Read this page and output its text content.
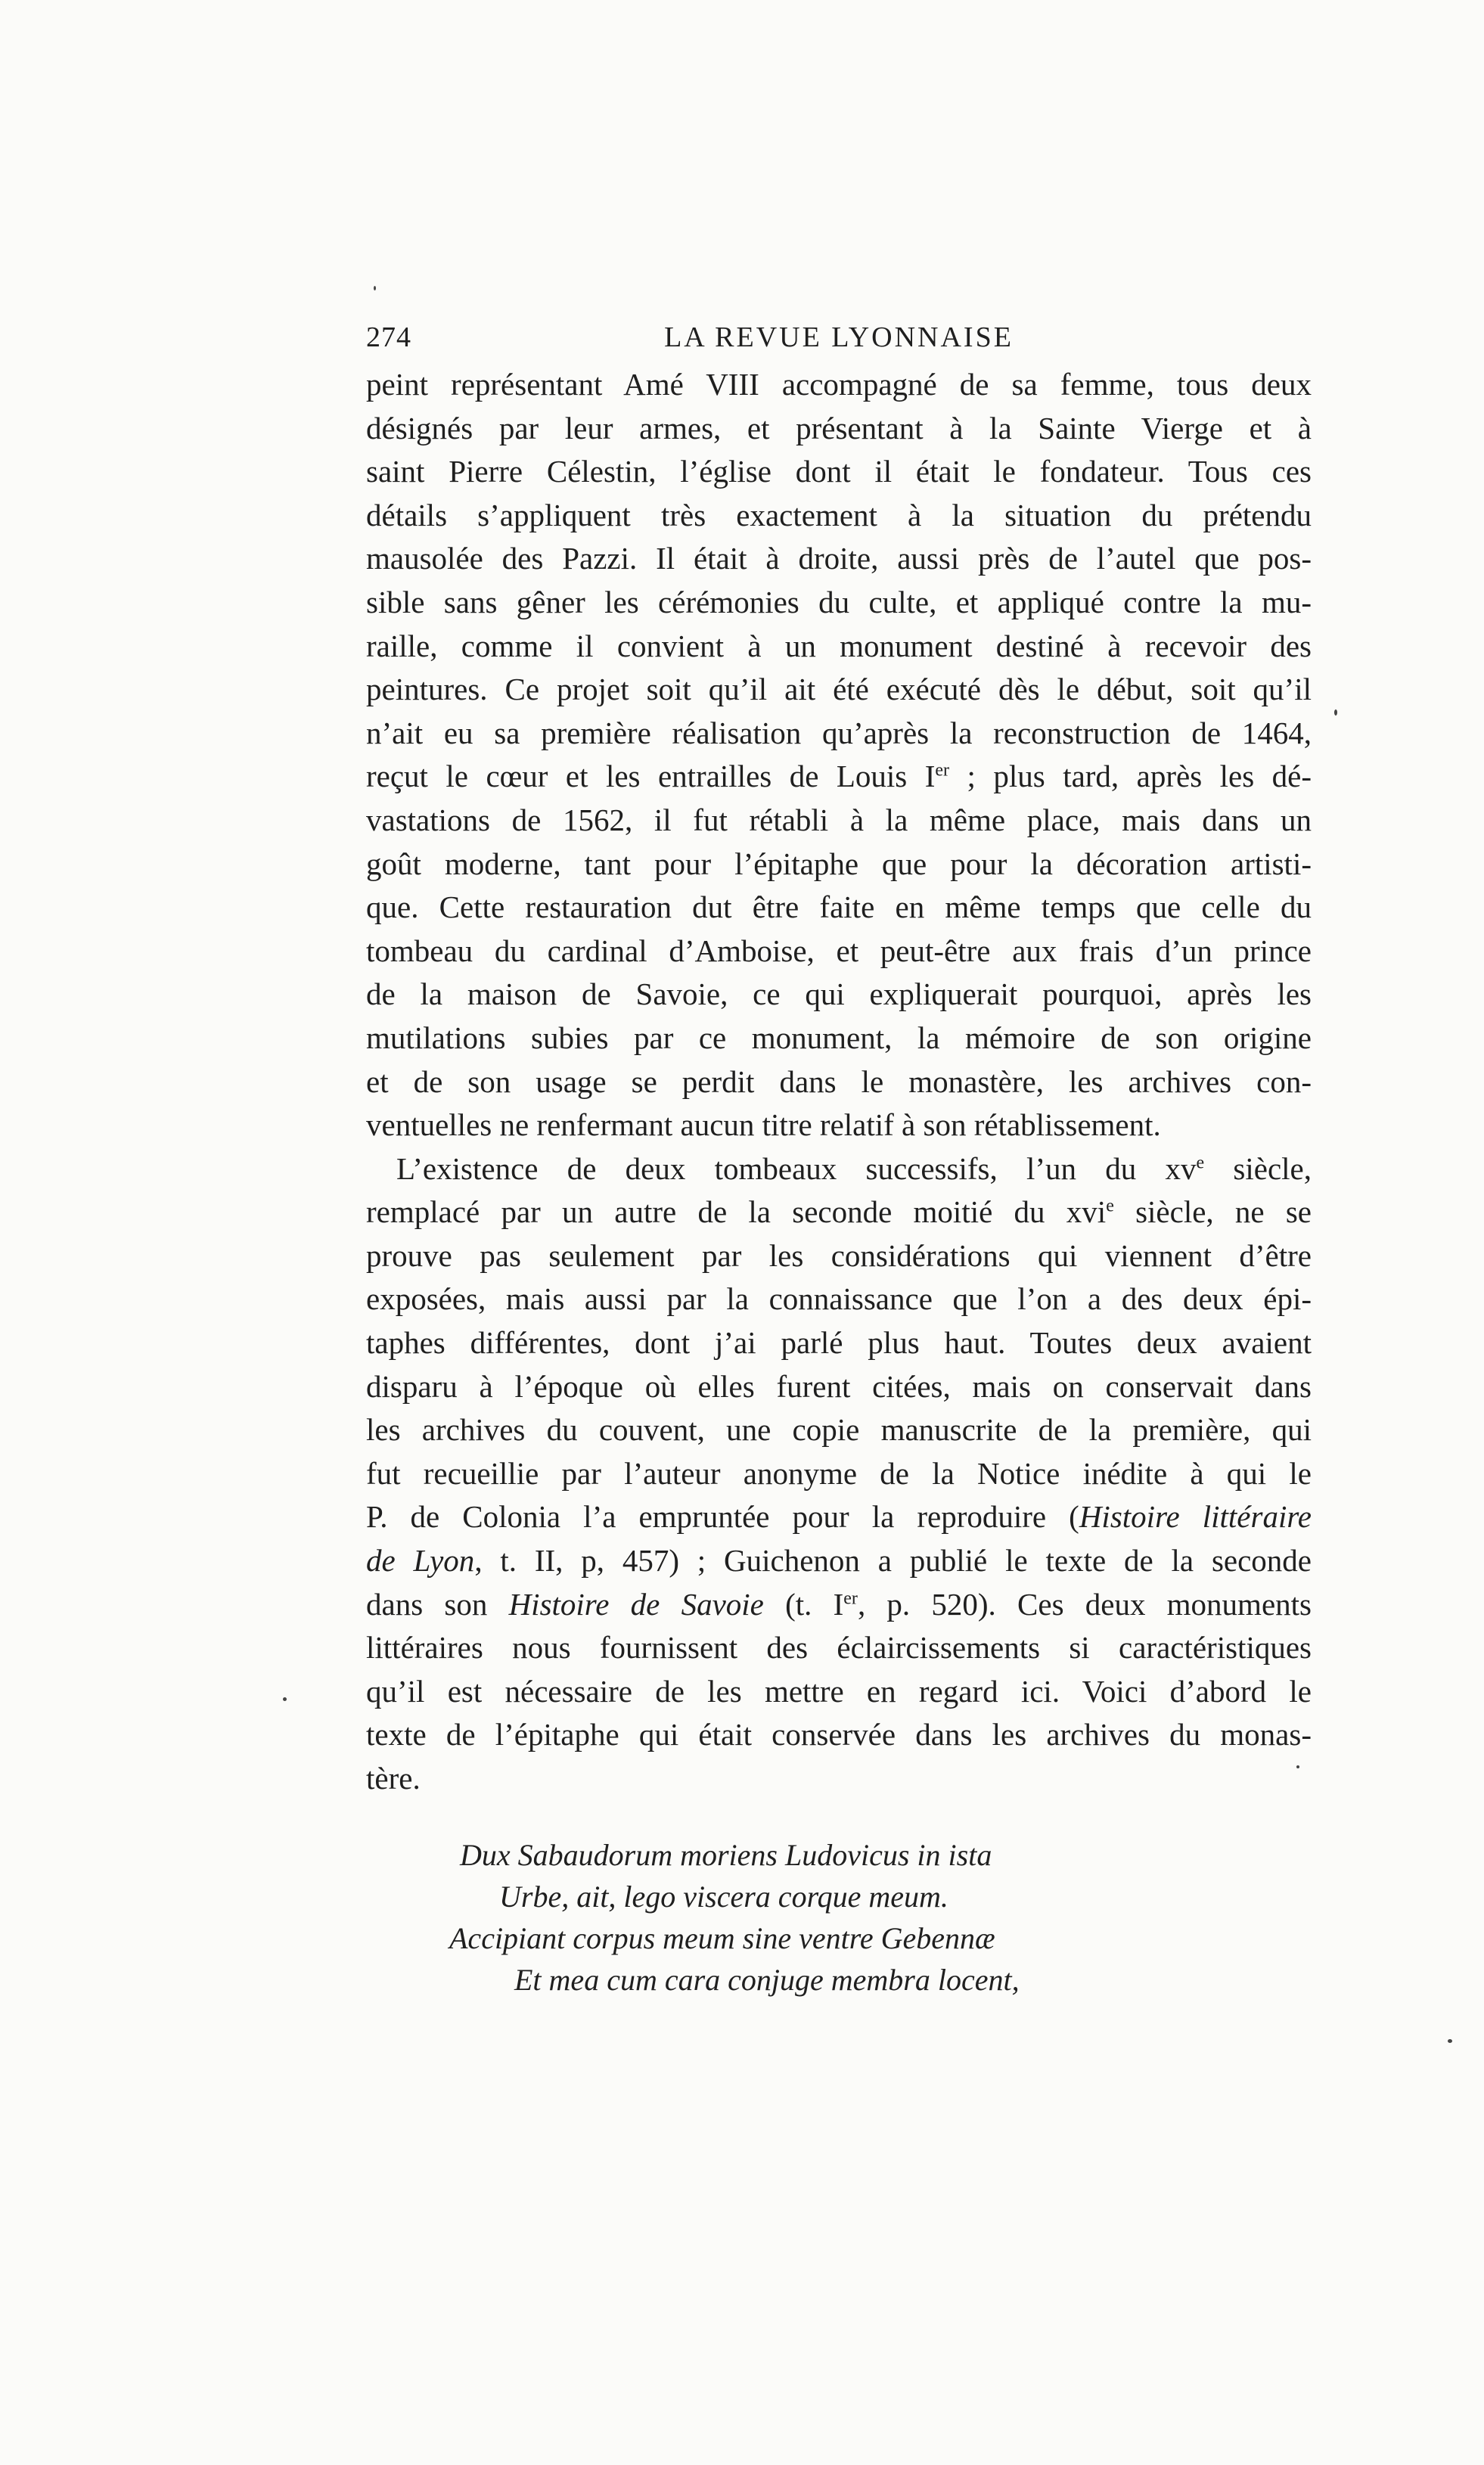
274	LA REVUE LYONNAISE
peint représentant Amé VIII accompagné de sa femme, tous deux
désignés par leur armes, et présentant à la Sainte Vierge et à
saint Pierre Célestin, l’église dont il était le fondateur. Tous ces
détails s’appliquent très exactement à la situation du prétendu
mausolée des Pazzi. Il était à droite, aussi près de l’autel que pos-
sible sans gêner les cérémonies du culte, et appliqué contre la mu-
raille, comme il convient à un monument destiné à recevoir des
peintures. Ce projet soit qu’il ait été exécuté dès le début, soit qu’il
n’ait eu sa première réalisation qu’après la reconstruction de 1464,
reçut le cœur et les entrailles de Louis Ier ; plus tard, après les dé-
vastations de 1562, il fut rétabli à la même place, mais dans un
goût moderne, tant pour l’épitaphe que pour la décoration artisti-
que. Cette restauration dut être faite en même temps que celle du
tombeau du cardinal d’Amboise, et peut-être aux frais d’un prince
de la maison de Savoie, ce qui expliquerait pourquoi, après les
mutilations subies par ce monument, la mémoire de son origine
et de son usage se perdit dans le monastère, les archives con-
ventuelles ne renfermant aucun titre relatif à son rétablissement.
L’existence de deux tombeaux successifs, l’un du $xv^e$ siècle,
remplacé par un autre de la seconde moitié du xvi$^e$ siècle, ne se
prouve pas seulement par les considérations qui viennent d’être
exposées, mais aussi par la connaissance que l’on a des deux épi-
taphes différentes, dont j’ai parlé plus haut. Toutes deux avaient
disparu à l’époque où elles furent citées, mais on conservait dans
les archives du couvent, une copie manuscrite de la première, qui
fut recueillie par l’auteur anonyme de la Notice inédite à qui le
P. de Colonia l’a empruntée pour la reproduire (Histoire littéraire
de Lyon, t. II, p, 457) ; Guichenon a publié le texte de la seconde
dans son Histoire de Savoie (t. Ier, p. 520). Ces deux monuments
littéraires nous fournissent des éclaircissements si caractéristiques
qu’il est nécessaire de les mettre en regard ici. Voici d’abord le
texte de l’épitaphe qui était conservée dans les archives du monas-
tère.
Dux Sabaudorum moriens Ludovicus in ista
Urbe, ait, lego viscera corque meum.
Accipiant corpus meum sine ventre Gebennæ
Et mea cum cara conjuge membra locent,
